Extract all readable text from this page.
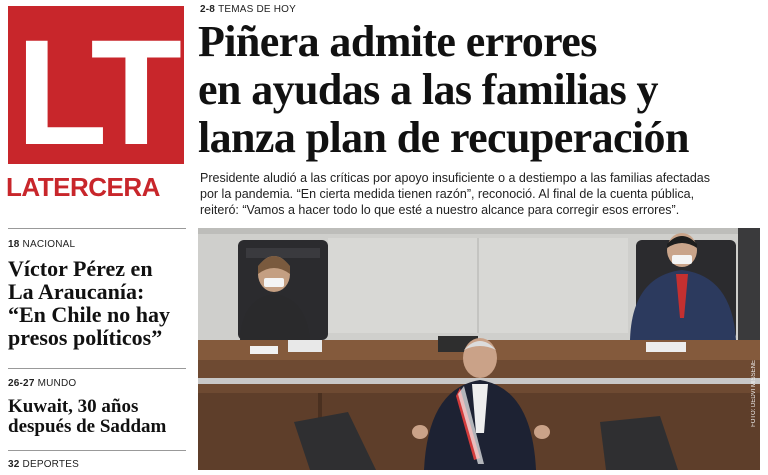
LT
LATERCERA
18 NACIONAL
Víctor Pérez en
La Araucanía:
“En Chile no hay
presos políticos”
26-27 MUNDO
Kuwait, 30 años
después de Saddam
32 DEPORTES
2-8 TEMAS DE HOY
Piñera admite errores
en ayudas a las familias y
lanza plan de recuperación
Presidente aludió a las críticas por apoyo insuficiente o a destiempo a las familias afectadas
por la pandemia. “En cierta medida tienen razón”, reconoció. Al final de la cuenta pública,
reiteró: “Vamos a hacer todo lo que esté a nuestro alcance para corregir esos errores”.
FOTO: DEDVI MISSENE
